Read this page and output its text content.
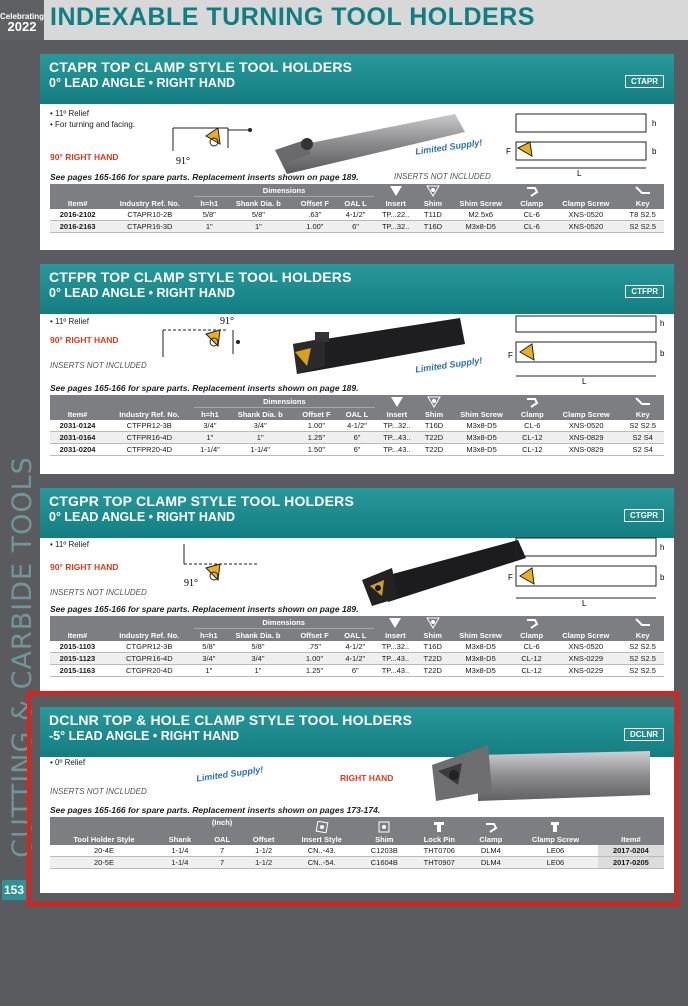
Celebrating
2022 INDEXABLE TURNING TOOL HOLDERS
CUTTING & CARBIDE TOOLS
153
CTAPR TOP CLAMP STYLE TOOL HOLDERS
0° LEAD ANGLE • RIGHT HAND	CTAPR
• 11º Relief
• For turning and facing.
90° RIGHT HAND	91°
Limited Supply!
L
h
b
F
See pages 165-166 for spare parts. Replacement inserts shown on page 189.	INSERTS NOT INCLUDED
Item#	Industry Ref. No.	Dimensions				Insert	Shim	Shim Screw	Clamp	Clamp Screw	Key
		h=h1	Shank Dia. b	Offset F	OAL L						
2016-2102	CTAPR10-2B	5/8"	5/8"	.63"	4-1/2"	TP...22..	T11D	M2.5x6	CL-6	XNS-0520	T8 S2.5
2016-2163	CTAPR16-3D	1"	1"	1.00"	6"	TP...32..	T16D	M3x8-D5	CL-6	XNS-0520	S2 S2.5
CTFPR TOP CLAMP STYLE TOOL HOLDERS
0° LEAD ANGLE • RIGHT HAND	CTFPR
• 11º Relief
90° RIGHT HAND
INSERTS NOT INCLUDED
91°
Limited Supply!
L
h
b
F
See pages 165-166 for spare parts. Replacement inserts shown on page 189.
Item#	Industry Ref. No.	Dimensions				Insert	Shim	Shim Screw	Clamp	Clamp Screw	Key
		h=h1	Shank Dia. b	Offset F	OAL L						
2031-0124	CTFPR12-3B	3/4"	3/4"	1.00"	4-1/2"	TP...32..	T16D	M3x8-D5	CL-6	XNS-0520	S2 S2.5
2031-0164	CTFPR16-4D	1"	1"	1.25"	6"	TP...43..	T22D	M3x8-D5	CL-12	XNS-0829	S2 S4
2031-0204	CTFPR20-4D	1-1/4"	1-1/4"	1.50"	6"	TP...43..	T22D	M3x8-D5	CL-12	XNS-0829	S2 S4
CTGPR TOP CLAMP STYLE TOOL HOLDERS
0° LEAD ANGLE • RIGHT HAND	CTGPR
• 11º Relief
90° RIGHT HAND
INSERTS NOT INCLUDED
91°
L
h
b
F
See pages 165-166 for spare parts. Replacement inserts shown on page 189.
Item#	Industry Ref. No.	Dimensions				Insert	Shim	Shim Screw	Clamp	Clamp Screw	Key
		h=h1	Shank Dia. b	Offset F	OAL L						
2015-1103	CTGPR12-3B	5/8"	5/8"	.75"	4-1/2"	TP...32..	T16D	M3x8-D5	CL-6	XNS-0520	S2 S2.5
2015-1123	CTGPR16-4D	3/4"	3/4"	1.00"	4-1/2"	TP...43..	T22D	M3x8-D5	CL-12	XNS-0229	S2 S2.5
2015-1163	CTGPR20-4D	1"	1"	1.25"	6"	TP...43..	T22D	M3x8-D5	CL-12	XNS-0229	S2 S2.5
DCLNR TOP & HOLE CLAMP STYLE TOOL HOLDERS
-5° LEAD ANGLE • RIGHT HAND	DCLNR
• 0º Relief
Limited Supply!	RIGHT HAND
INSERTS NOT INCLUDED
See pages 165-166 for spare parts. Replacement inserts shown on pages 173-174.
Tool Holder Style	Shank	(Inch)
OAL	Offset	Insert Style	Shim	Lock Pin	Clamp	Clamp Screw	Item#
20-4E	1-1/4	7	1-1/2	CN..-43.	C1203B	THT0706	DLM4	LE06	2017-0204
20-5E	1-1/4	7	1-1/2	CN..-54.	C1604B	THT0907	DLM4	LE06	2017-0205
